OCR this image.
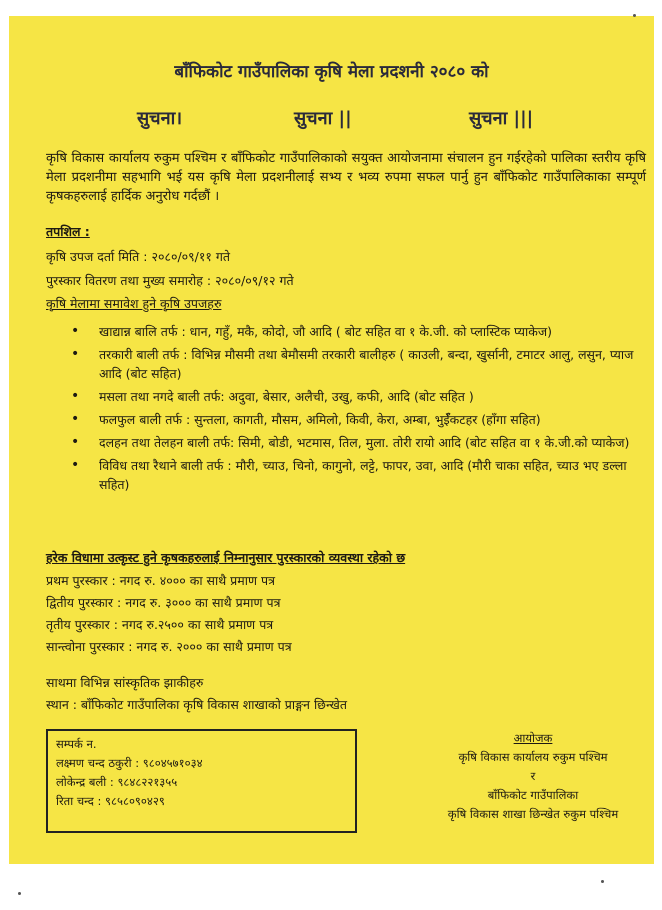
बाँफिकोट गाउँपालिका कृषि मेला प्रदशनी २०८० को
सुचना।	सुचना ||	सुचना |||
कृषि विकास कार्यालय रुकुम पश्चिम र बाँफिकोट गाउँपालिकाको सयुक्त आयोजनामा संचालन हुन गईरहेको पालिका स्तरीय कृषि मेला प्रदशनीमा सहभागि भई यस कृषि मेला प्रदशनीलाई सभ्य र भव्य रुपमा सफल पार्नु हुन बाँफिकोट गाउँपालिकाका सम्पूर्ण कृषकहरुलाई हार्दिक अनुरोध गर्दछौं ।
तपशिल :
कृषि उपज दर्ता मिति : २०८०/०९/११ गते
पुरस्कार वितरण तथा मुख्य समारोह : २०८०/०९/१२ गते
कृषि मेलामा समावेश हुने कृषि उपजहरु
• खाद्यान्न बालि तर्फ : धान, गहुँ, मकै, कोदो, जौ आदि ( बोट सहित वा १ के.जी. को प्लास्टिक प्याकेज)
• तरकारी बाली तर्फ : विभिन्न मौसमी तथा बेमौसमी तरकारी बालीहरु ( काउली, बन्दा, खुर्सानी, टमाटर आलु, लसुन, प्याज आदि (बोट सहित)
• मसला तथा नगदे बाली तर्फ: अदुवा, बेसार, अलैची, उखु, कफी, आदि (बोट सहित )
• फलफुल बाली तर्फ : सुन्तला, कागती, मौसम, अमिलो, किवी, केरा, अम्बा, भुईँकटहर (हाँगा सहित)
• दलहन तथा तेलहन बाली तर्फ: सिमी, बोडी, भटमास, तिल, मुला. तोरी रायो आदि (बोट सहित वा १ के.जी.को प्याकेज)
• विविध तथा रैथाने बाली तर्फ : मौरी, च्याउ, चिनो, कागुनो, लट्टे, फापर, उवा, आदि (मौरी चाका सहित, च्याउ भए डल्ला सहित)
हरेक विधामा उत्कृस्ट हुने कृषकहरुलाई निम्नानुसार पुरस्कारको व्यवस्था रहेको छ
प्रथम पुरस्कार : नगद रु. ४००० का साथै प्रमाण पत्र
द्वितीय पुरस्कार : नगद रु. ३००० का साथै प्रमाण पत्र
तृतीय पुरस्कार : नगद रु.२५०० का साथै प्रमाण पत्र
सान्त्वोना पुरस्कार : नगद रु. २००० का साथै प्रमाण पत्र
साथमा विभिन्न सांस्कृतिक झाकीहरु
स्थान : बाँफिकोट गाउँपालिका कृषि विकास शाखाको प्राङ्गन छिन्खेत
सम्पर्क न.
लक्ष्मण चन्द ठकुरी : ९८०४५७१०३४
लोकेन्द्र बली : ९८४८२२१३५५
रिता चन्द : ९८५८०९०४२९
आयोजक
कृषि विकास कार्यालय रुकुम पश्चिम
र
बाँफिकोट गाउँपालिका
कृषि विकास शाखा छिन्खेत रुकुम पश्चिम
